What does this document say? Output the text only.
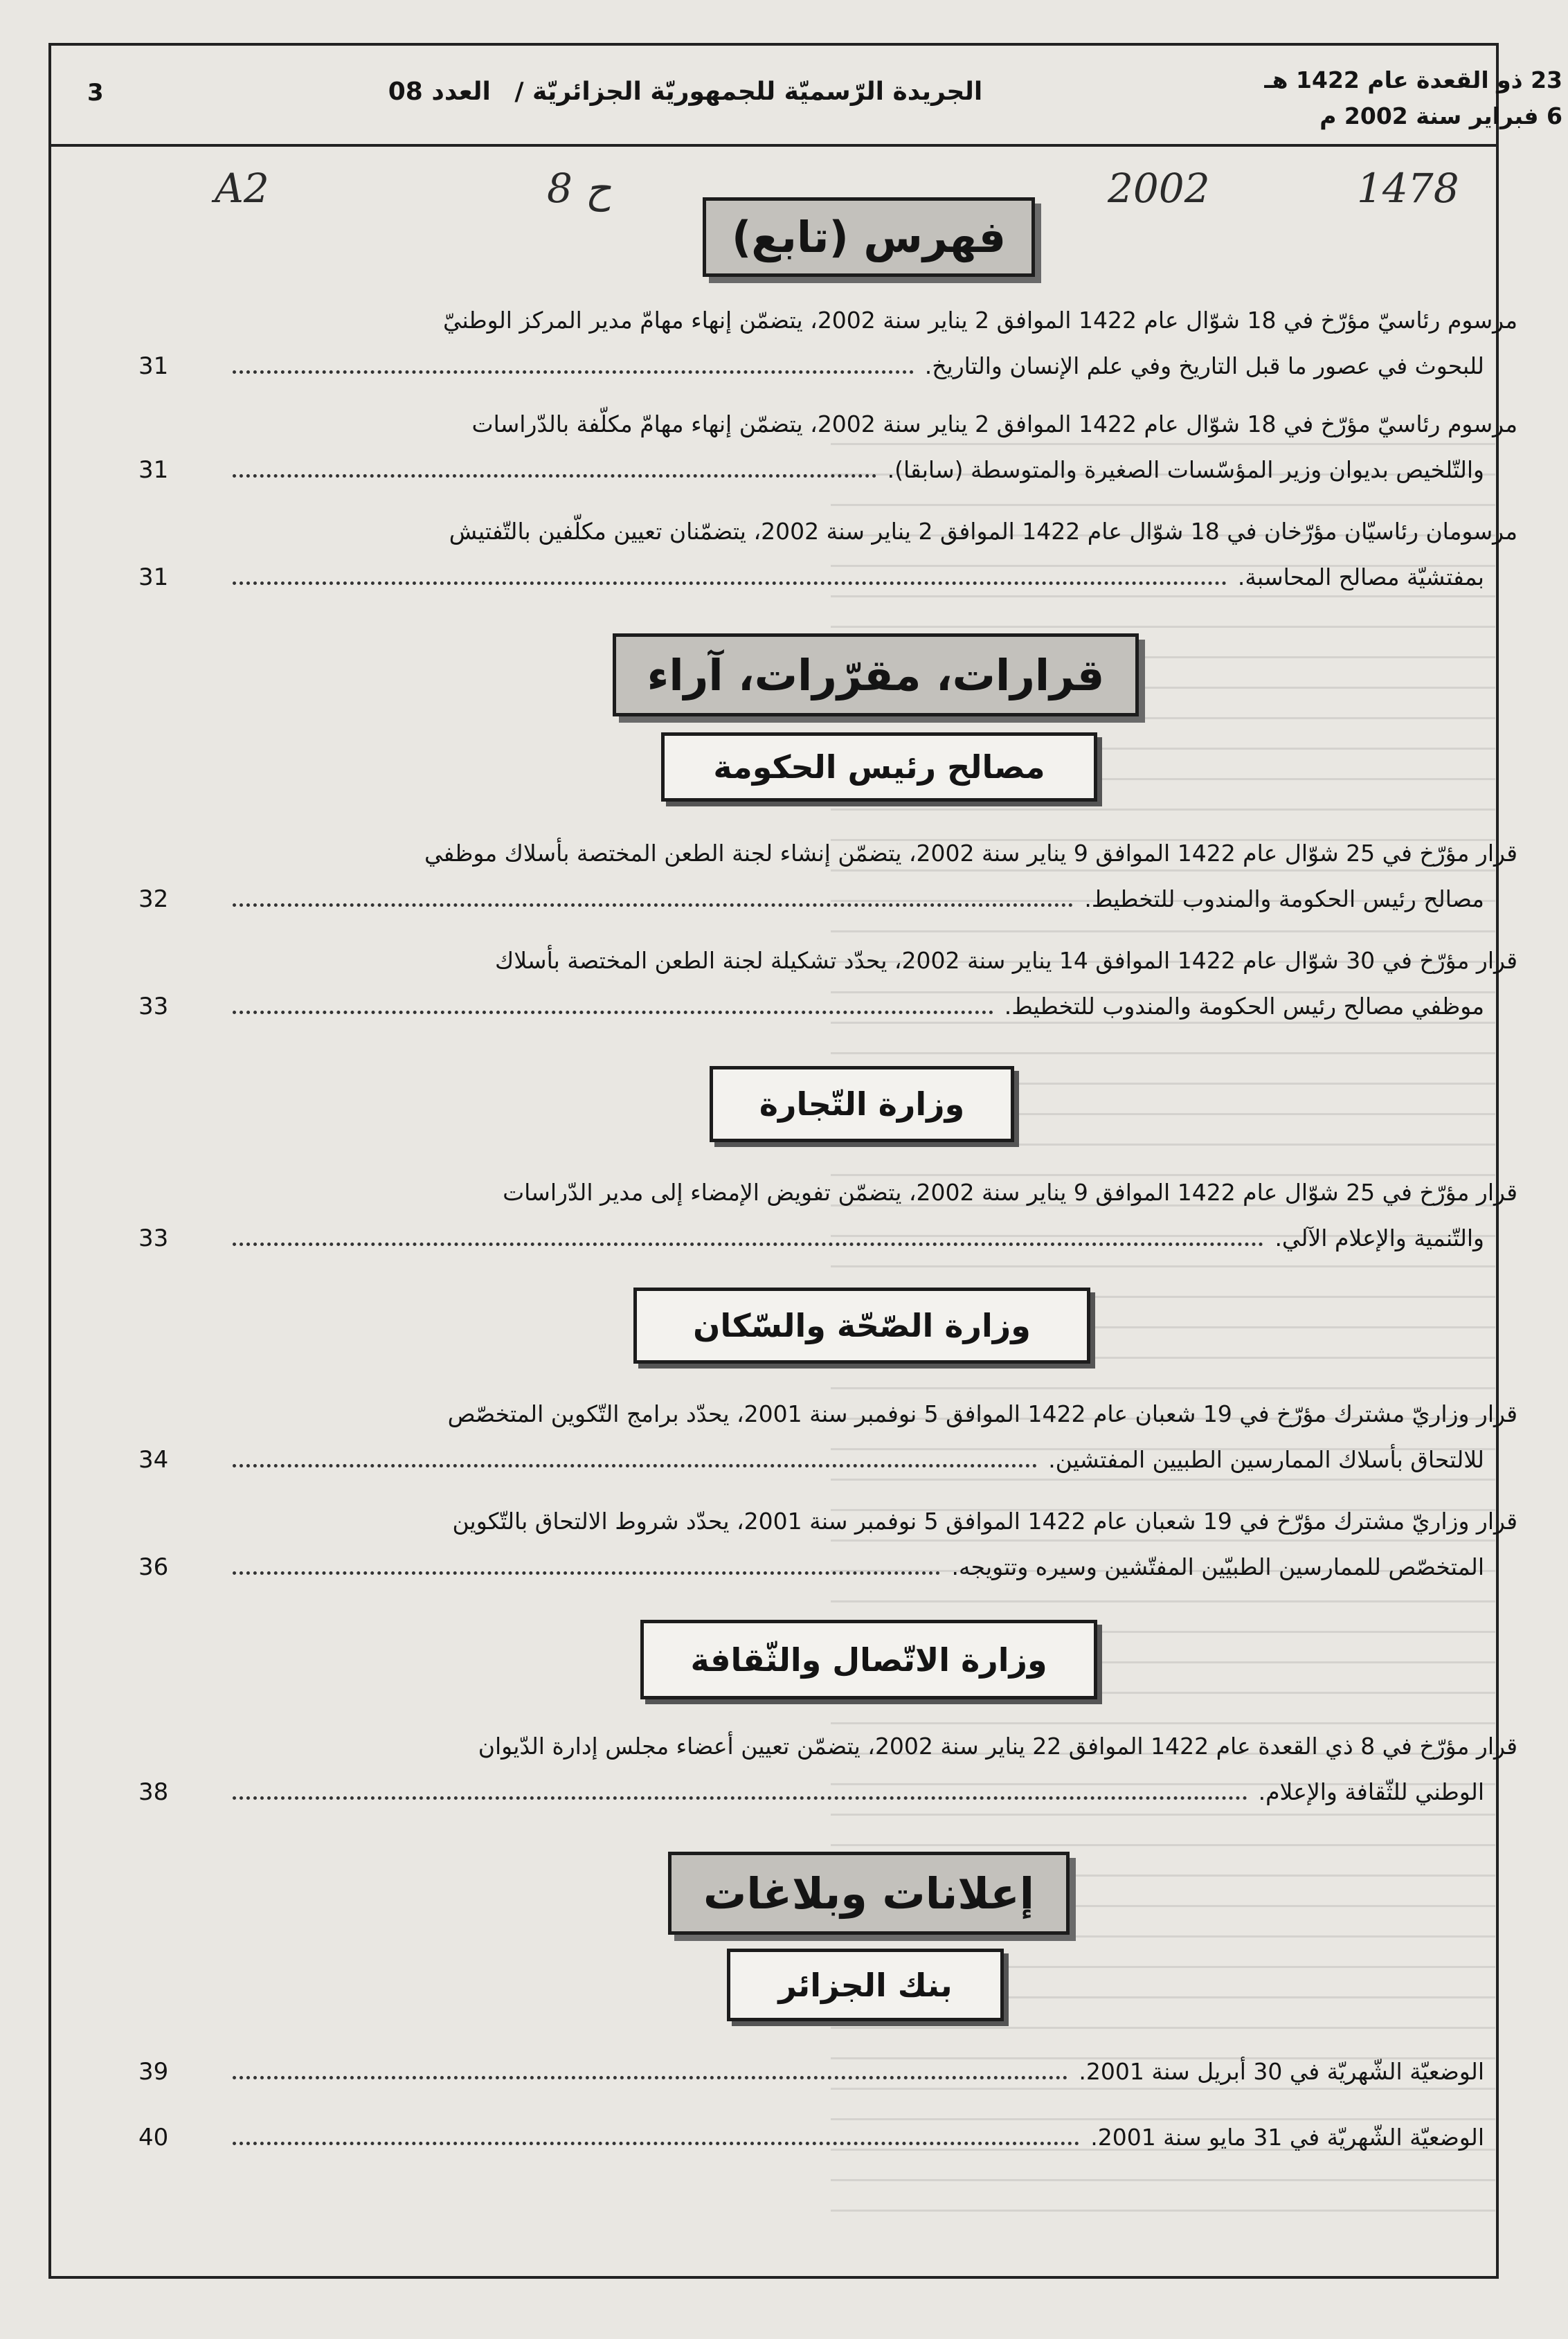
23 ذو القعدة عام 1422 هـ
6 فبراير سنة 2002 م
الجريدة الرّسميّة للجمهوريّة الجزائريّة / العدد 08
3
A2	8 ح	2002	1478
فهرس (تابع)
مرسوم رئاسيّ مؤرّخ في 18 شوّال عام 1422 الموافق 2 يناير سنة 2002، يتضمّن إنهاء مهامّ مدير المركز الوطنيّ
للبحوث في عصور ما قبل التاريخ وفي علم الإنسان والتاريخ.
31
مرسوم رئاسيّ مؤرّخ في 18 شوّال عام 1422 الموافق 2 يناير سنة 2002، يتضمّن إنهاء مهامّ مكلّفة بالدّراسات
والتّلخيص بديوان وزير المؤسّسات الصغيرة والمتوسطة (سابقا).
31
مرسومان رئاسيّان مؤرّخان في 18 شوّال عام 1422 الموافق 2 يناير سنة 2002، يتضمّنان تعيين مكلّفين بالتّفتيش
بمفتشيّة مصالح المحاسبة.
31
قرارات، مقرّرات، آراء
مصالح رئيس الحكومة
قرار مؤرّخ في 25 شوّال عام 1422 الموافق 9 يناير سنة 2002، يتضمّن إنشاء لجنة الطعن المختصة بأسلاك موظفي
مصالح رئيس الحكومة والمندوب للتخطيط.
32
قرار مؤرّخ في 30 شوّال عام 1422 الموافق 14 يناير سنة 2002، يحدّد تشكيلة لجنة الطعن المختصة بأسلاك
موظفي مصالح رئيس الحكومة والمندوب للتخطيط.
33
وزارة التّجارة
قرار مؤرّخ في 25 شوّال عام 1422 الموافق 9 يناير سنة 2002، يتضمّن تفويض الإمضاء إلى مدير الدّراسات
والتّنمية والإعلام الآلي.
33
وزارة الصّحّة والسّكان
قرار وزاريّ مشترك مؤرّخ في 19 شعبان عام 1422 الموافق 5 نوفمبر سنة 2001، يحدّد برامج التّكوين المتخصّص
للالتحاق بأسلاك الممارسين الطبيين المفتشين.
34
قرار وزاريّ مشترك مؤرّخ في 19 شعبان عام 1422 الموافق 5 نوفمبر سنة 2001، يحدّد شروط الالتحاق بالتّكوين
المتخصّص للممارسين الطبيّين المفتّشين وسيره وتتويجه.
36
وزارة الاتّصال والثّقافة
قرار مؤرّخ في 8 ذي القعدة عام 1422 الموافق 22 يناير سنة 2002، يتضمّن تعيين أعضاء مجلس إدارة الدّيوان
الوطني للثّقافة والإعلام.
38
إعلانات وبلاغات
بنك الجزائر
الوضعيّة الشّهريّة في 30 أبريل سنة 2001.
39
الوضعيّة الشّهريّة في 31 مايو سنة 2001.
40
